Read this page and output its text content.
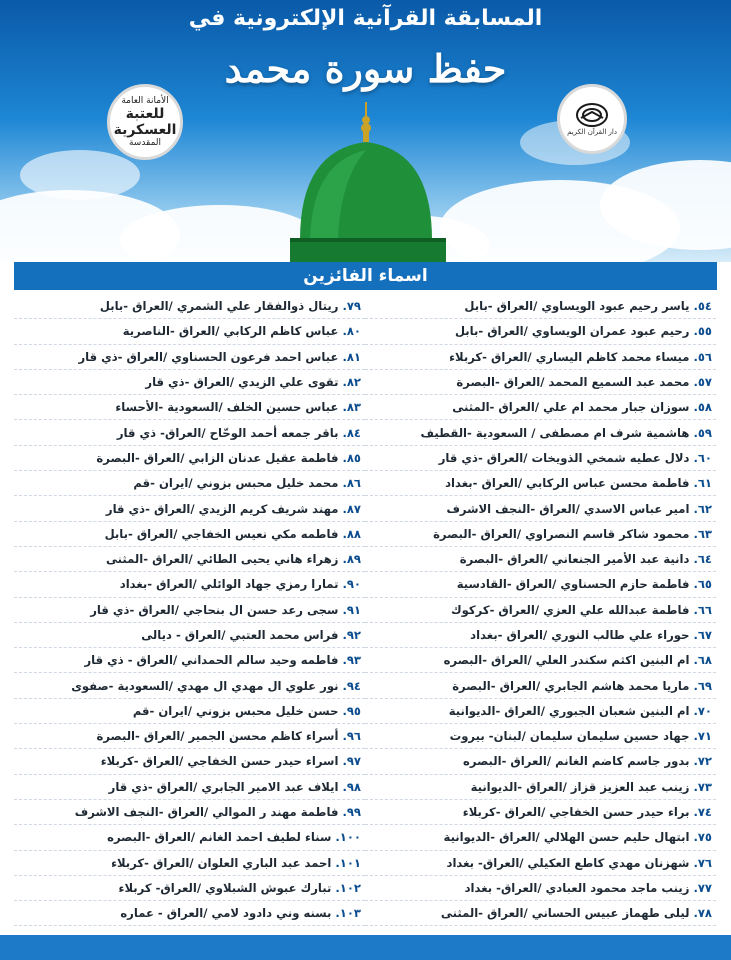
المسابقة القرآنية الإلكترونية في
حفظ سورة محمد
الأمانة العامة
للعتبة العسكرية
المقدسة
دار القرآن الكريم
اسماء الفائزين
٧٩.
ريتال ذوالفقار علي الشمري /العراق -بابل
٨٠.
عباس كاظم الركابي /العراق -الناصرية
٨١.
عباس احمد فرعون الحسناوي /العراق -ذي قار
٨٢.
تقوى علي الزيدي /العراق -ذي قار
٨٣.
عباس حسين الخلف /السعودية -الأحساء
٨٤.
باقر جمعه أحمد الوحّاح /العراق- ذي قار
٨٥.
فاطمة عقيل عدنان الزابي /العراق -البصرة
٨٦.
محمد خليل محبس بزوني /ايران -قم
٨٧.
مهند شريف كريم الزيدي /العراق -ذي قار
٨٨.
فاطمه مكي نعيس الخفاجي /العراق -بابل
٨٩.
زهراء هاني يحيى الطائي /العراق -المثنى
٩٠.
تمارا رمزي جهاد الوائلي /العراق -بغداد
٩١.
سجى رعد حسن ال بنحاجي /العراق -ذي قار
٩٢.
فراس محمد العتبي /العراق - ديالى
٩٣.
فاطمه وحيد سالم الحمداني /العراق - ذي قار
٩٤.
نور علوي ال مهدي ال مهدي /السعودية -صفوى
٩٥.
حسن خليل محبس بزوني /ايران -قم
٩٦.
أسراء كاظم محسن الجمير /العراق -البصرة
٩٧.
اسراء حيدر حسن الخفاجي /العراق -كربلاء
٩٨.
ايلاف عبد الامير الجابري /العراق -ذي قار
٩٩.
فاطمة مهند ر الموالي /العراق -النجف الاشرف
١٠٠.
سناء لطيف احمد الغانم /العراق -البصره
١٠١.
احمد عبد الباري العلوان /العراق -كربلاء
١٠٢.
تبارك عبوش الشبلاوي /العراق- كربلاء
١٠٣.
بسنه وني دادود لامي /العراق - عماره
٥٤.
ياسر رحيم عبود الويساوي /العراق -بابل
٥٥.
رحيم عبود عمران الويساوي /العراق -بابل
٥٦.
ميساء محمد كاظم اليساري /العراق -كربلاء
٥٧.
محمد عبد السميع المحمد /العراق -البصرة
٥٨.
سوزان جبار محمد ام علي /العراق -المثنى
٥٩.
هاشمية شرف ام مصطفى / السعودية -القطيف
٦٠.
دلال عطيه شمخي الذويخات /العراق -ذي قار
٦١.
فاطمة محسن عباس الركابي /العراق -بغداد
٦٢.
امير عباس الاسدي /العراق -النجف الاشرف
٦٣.
محمود شاكر قاسم النصراوي /العراق -البصرة
٦٤.
دانية عبد الأمير الجنعاني /العراق -البصرة
٦٥.
فاطمة حازم الحسناوي /العراق -القادسية
٦٦.
فاطمة عبدالله علي العزي /العراق -كركوك
٦٧.
حوراء علي طالب النوري /العراق -بغداد
٦٨.
ام البنين اكثم سكندر العلي /العراق -البصره
٦٩.
ماريا محمد هاشم الجابري /العراق -البصرة
٧٠.
ام البنين شعبان الجبوري /العراق -الديوانية
٧١.
جهاد حسين سليمان سليمان /لبنان- بيروت
٧٢.
بدور جاسم كاضم الغانم /العراق -البصره
٧٣.
زينب عبد العزيز قزاز /العراق -الديوانية
٧٤.
براء حيدر حسن الخفاجي /العراق -كربلاء
٧٥.
ابتهال حليم حسن الهلالي /العراق -الديوانية
٧٦.
شهزنان مهدي كاطع العكيلي /العراق- بغداد
٧٧.
زينب ماجد محمود العبادي /العراق- بغداد
٧٨.
ليلى طهماز عبيس الحساني /العراق -المثنى
